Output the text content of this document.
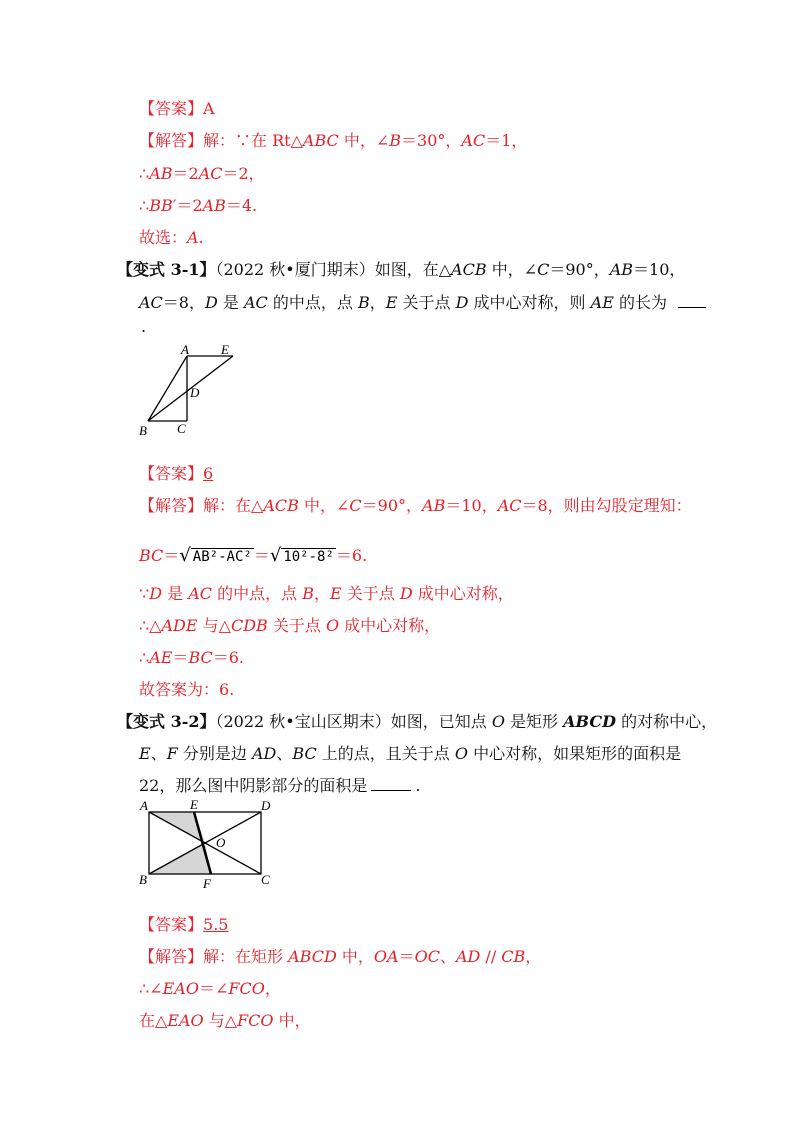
【答案】A
【解答】解：∵在 Rt△ABC 中，∠B＝30°，AC＝1，
∴AB＝2AC＝2，
∴BB′＝2AB＝4.
故选：A.
【变式 3-1】（2022 秋•厦门期末）如图，在△ACB 中，∠C＝90°，AB＝10，
AC＝8，D 是 AC 的中点，点 B，E 关于点 D 成中心对称，则 AE 的长为
.
A E
D
B C
【答案】6
【解答】解：在△ACB 中，∠C＝90°，AB＝10，AC＝8，则由勾股定理知：
BC＝√ AB²-AC² ＝√ 10²-8² ＝6.
∵D 是 AC 的中点，点 B，E 关于点 D 成中心对称，
∴△ADE 与△CDB 关于点 O 成中心对称，
∴AE＝BC＝6.
故答案为：6.
【变式 3-2】（2022 秋•宝山区期末）如图，已知点 O 是矩形 ABCD 的对称中心，
E、F 分别是边 AD、BC 上的点，且关于点 O 中心对称，如果矩形的面积是
22，那么图中阴影部分的面积是	.
A	E	D
O
B	F	C
【答案】5.5
【解答】解：在矩形 ABCD 中，OA＝OC、AD // CB，
∴∠EAO＝∠FCO，
在△EAO 与△FCO 中，
